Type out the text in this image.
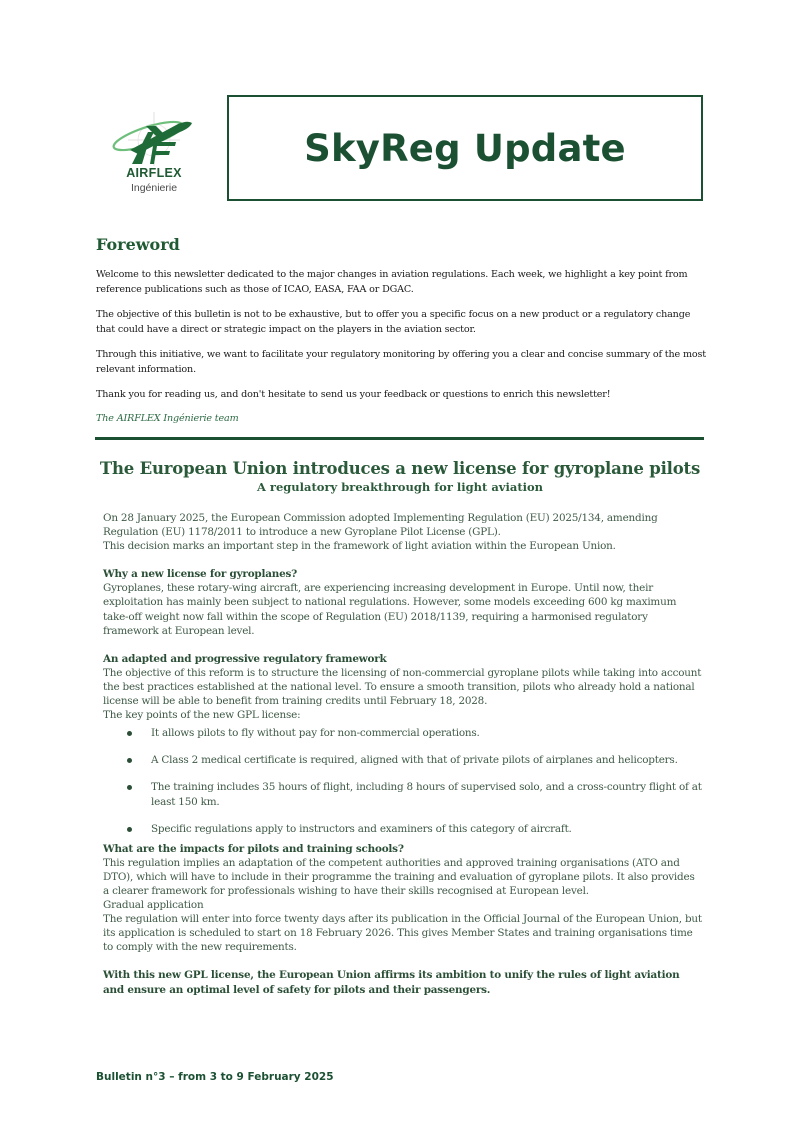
AIRFLEX
Ingénierie
SkyReg Update
Foreword

Welcome to this newsletter dedicated to the major changes in aviation regulations. Each week, we highlight a key point from reference publications such as those of ICAO, EASA, FAA or DGAC.

The objective of this bulletin is not to be exhaustive, but to offer you a specific focus on a new product or a regulatory change that could have a direct or strategic impact on the players in the aviation sector.

Through this initiative, we want to facilitate your regulatory monitoring by offering you a clear and concise summary of the most relevant information.

Thank you for reading us, and don't hesitate to send us your feedback or questions to enrich this newsletter!

The AIRFLEX Ingénierie team

The European Union introduces a new license for gyroplane pilots
A regulatory breakthrough for light aviation

On 28 January 2025, the European Commission adopted Implementing Regulation (EU) 2025/134, amending Regulation (EU) 1178/2011 to introduce a new Gyroplane Pilot License (GPL).

This decision marks an important step in the framework of light aviation within the European Union.

Why a new license for gyroplanes?

Gyroplanes, these rotary-wing aircraft, are experiencing increasing development in Europe. Until now, their exploitation has mainly been subject to national regulations. However, some models exceeding 600 kg maximum take-off weight now fall within the scope of Regulation (EU) 2018/1139, requiring a harmonised regulatory framework at European level.

An adapted and progressive regulatory framework

The objective of this reform is to structure the licensing of non-commercial gyroplane pilots while taking into account the best practices established at the national level. To ensure a smooth transition, pilots who already hold a national license will be able to benefit from training credits until February 18, 2028.

The key points of the new GPL license:

It allows pilots to fly without pay for non-commercial operations.
A Class 2 medical certificate is required, aligned with that of private pilots of airplanes and helicopters.
The training includes 35 hours of flight, including 8 hours of supervised solo, and a cross-country flight of at least 150 km.
Specific regulations apply to instructors and examiners of this category of aircraft.

What are the impacts for pilots and training schools?

This regulation implies an adaptation of the competent authorities and approved training organisations (ATO and DTO), which will have to include in their programme the training and evaluation of gyroplane pilots. It also provides a clearer framework for professionals wishing to have their skills recognised at European level.

Gradual application

The regulation will enter into force twenty days after its publication in the Official Journal of the European Union, but its application is scheduled to start on 18 February 2026. This gives Member States and training organisations time to comply with the new requirements.

With this new GPL license, the European Union affirms its ambition to unify the rules of light aviation and ensure an optimal level of safety for pilots and their passengers.

Bulletin n°3 – from 3 to 9 February 2025
